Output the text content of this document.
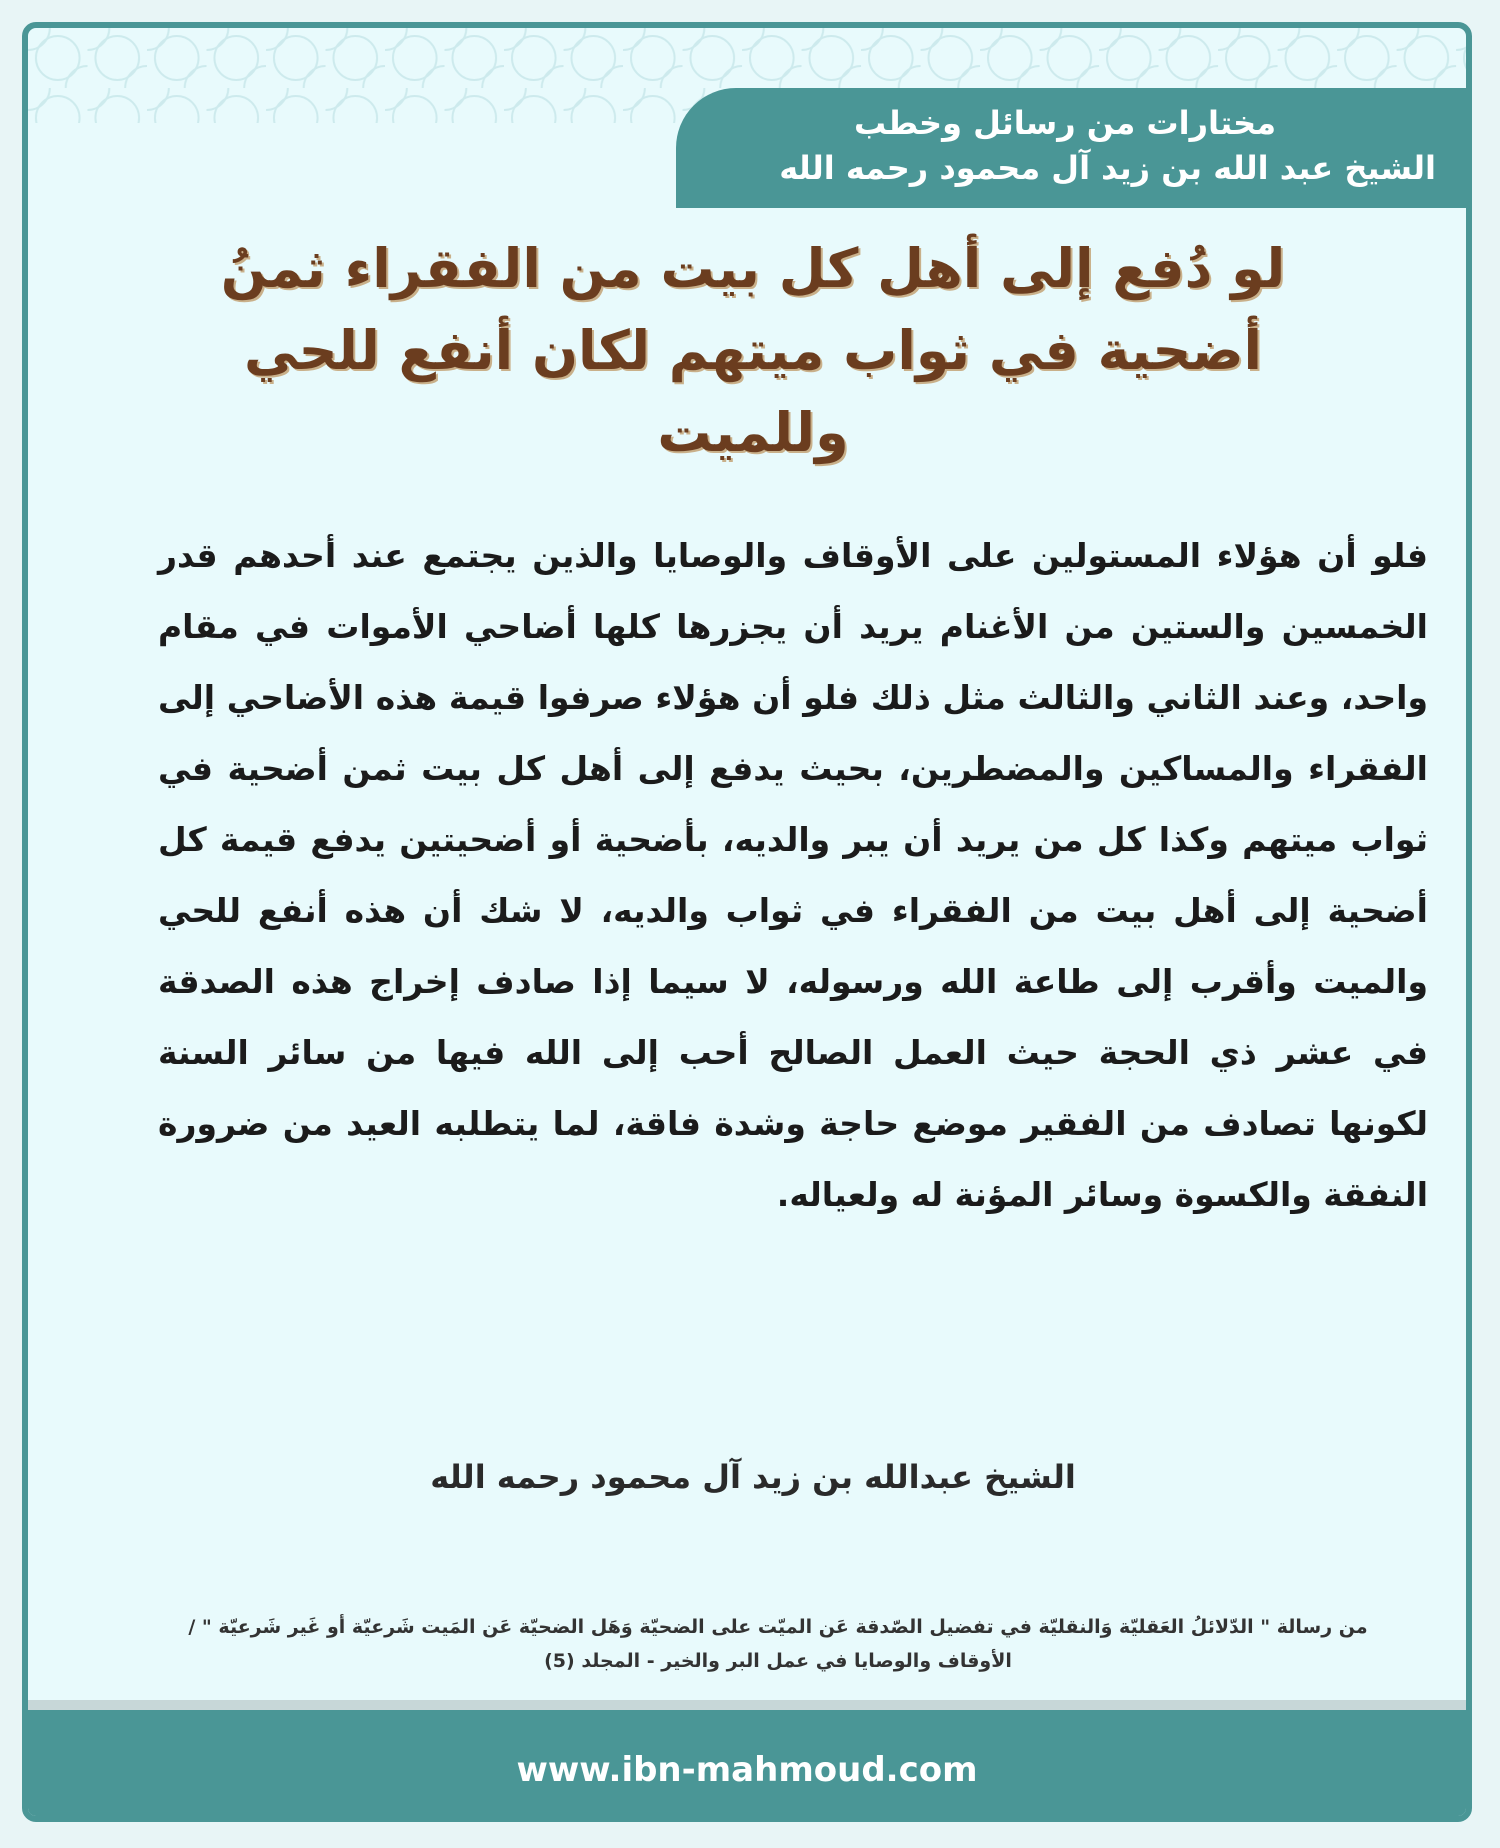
مختارات من رسائل وخطب
الشيخ عبد الله بن زيد آل محمود رحمه الله
لو دُفع إلى أهل كل بيت من الفقراء ثمنُ أضحية في ثواب ميتهم لكان أنفع للحي وللميت
فلو أن هؤلاء المستولين على الأوقاف والوصايا والذين يجتمع عند أحدهم قدر الخمسين والستين من الأغنام يريد أن يجزرها كلها أضاحي الأموات في مقام واحد، وعند الثاني والثالث مثل ذلك فلو أن هؤلاء صرفوا قيمة هذه الأضاحي إلى الفقراء والمساكين والمضطرين، بحيث يدفع إلى أهل كل بيت ثمن أضحية في ثواب ميتهم وكذا كل من يريد أن يبر والديه، بأضحية أو أضحيتين يدفع قيمة كل أضحية إلى أهل بيت من الفقراء في ثواب والديه، لا شك أن هذه أنفع للحي والميت وأقرب إلى طاعة الله ورسوله، لا سيما إذا صادف إخراج هذه الصدقة في عشر ذي الحجة حيث العمل الصالح أحب إلى الله فيها من سائر السنة لكونها تصادف من الفقير موضع حاجة وشدة فاقة، لما يتطلبه العيد من ضرورة النفقة والكسوة وسائر المؤنة له ولعياله.
الشيخ عبدالله بن زيد آل محمود رحمه الله
من رسالة " الدّلائلُ العَقليّة وَالنقليّة في تفضيل الصّدقة عَن الميّت على الضحيّة وَهَل الضحيّة عَن المَيت شَرعيّة أو غَير شَرعيّة " / الأوقاف والوصايا في عمل البر والخير - المجلد (5)
www.ibn-mahmoud.com
